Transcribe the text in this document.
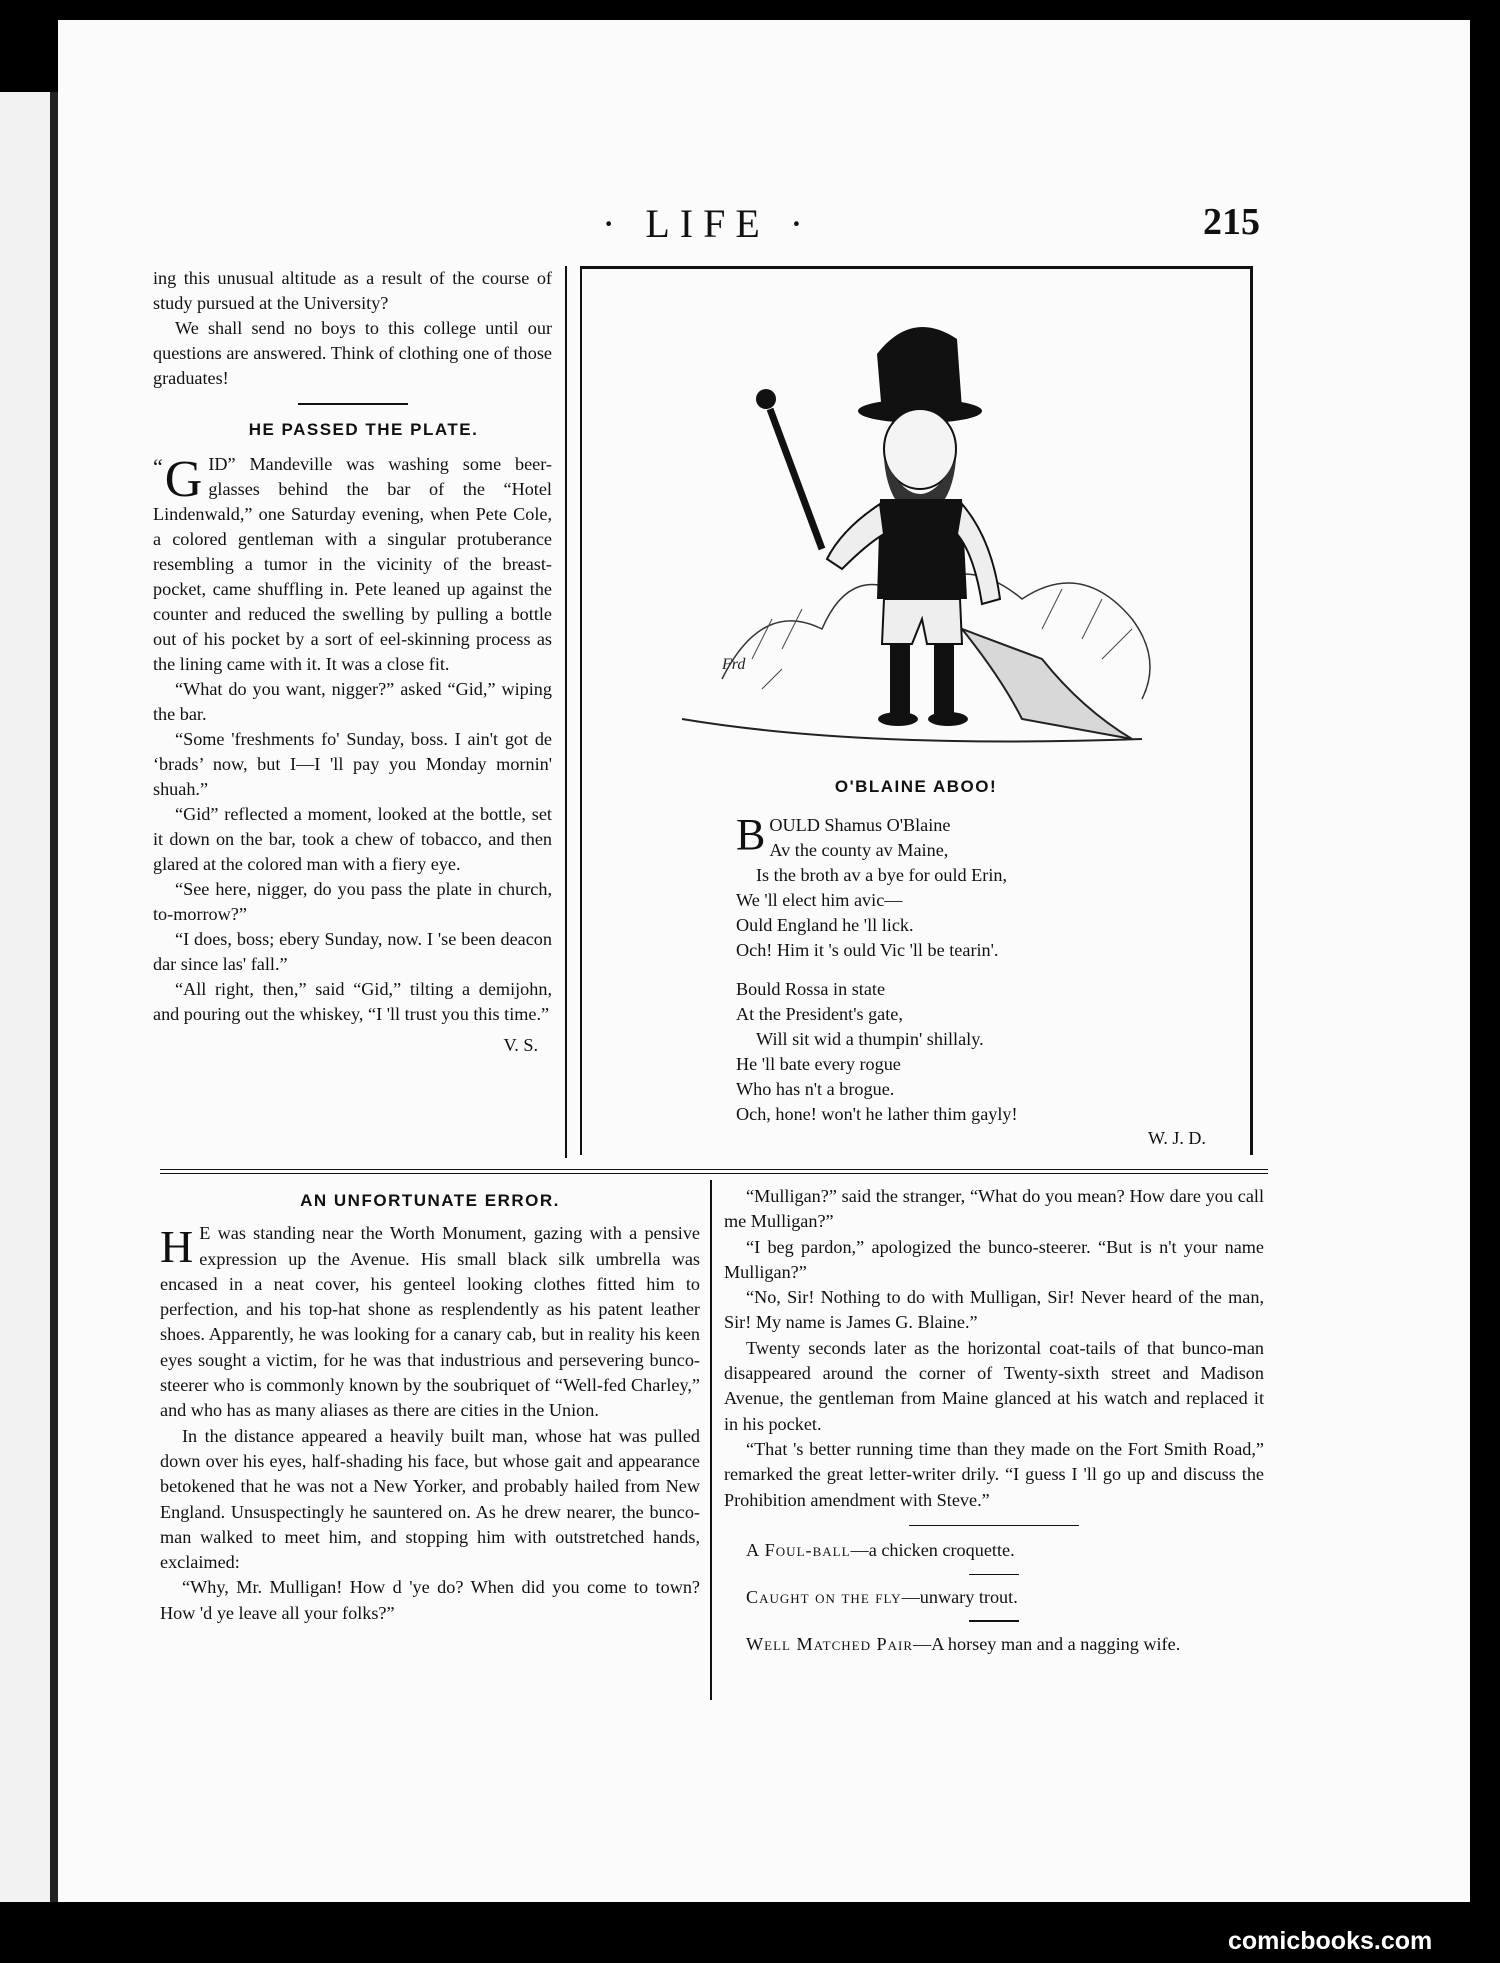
· LIFE ·	215

ing this unusual altitude as a result of the course of study pursued at the University?

We shall send no boys to this college until our questions are answered. Think of clothing one of those graduates!

HE PASSED THE PLATE.

“ G ID” Mandeville was washing some beer-glasses behind the bar of the “Hotel Lindenwald,” one Saturday evening, when Pete Cole, a colored gentleman with a singular protuberance resembling a tumor in the vicinity of the breast-pocket, came shuffling in. Pete leaned up against the counter and reduced the swelling by pulling a bottle out of his pocket by a sort of eel-skinning process as the lining came with it. It was a close fit.

“What do you want, nigger?” asked “Gid,” wiping the bar.

“Some 'freshments fo' Sunday, boss. I ain't got de ‘brads’ now, but I—I 'll pay you Monday mornin' shuah.”

“Gid” reflected a moment, looked at the bottle, set it down on the bar, took a chew of tobacco, and then glared at the colored man with a fiery eye.

“See here, nigger, do you pass the plate in church, to-morrow?”

“I does, boss; ebery Sunday, now. I 'se been deacon dar since las' fall.”

“All right, then,” said “Gid,” tilting a demijohn, and pouring out the whiskey, “I 'll trust you this time.”

V. S.
Frd

O'BLAINE ABOO!

BOULD Shamus O'Blaine
Av the county av Maine,
Is the broth av a bye for ould Erin,
We 'll elect him avic—
Ould England he 'll lick.
Och! Him it 's ould Vic 'll be tearin'.
Bould Rossa in state
At the President's gate,
Will sit wid a thumpin' shillaly.
He 'll bate every rogue
Who has n't a brogue.
Och, hone! won't he lather thim gayly!
W. J. D.

AN UNFORTUNATE ERROR.

H E was standing near the Worth Monument, gazing with a pensive expression up the Avenue. His small black silk umbrella was encased in a neat cover, his genteel looking clothes fitted him to perfection, and his top-hat shone as resplendently as his patent leather shoes. Apparently, he was looking for a canary cab, but in reality his keen eyes sought a victim, for he was that industrious and persevering bunco-steerer who is commonly known by the soubriquet of “Well-fed Charley,” and who has as many aliases as there are cities in the Union.

In the distance appeared a heavily built man, whose hat was pulled down over his eyes, half-shading his face, but whose gait and appearance betokened that he was not a New Yorker, and probably hailed from New England. Unsuspectingly he sauntered on. As he drew nearer, the bunco-man walked to meet him, and stopping him with outstretched hands, exclaimed:

“Why, Mr. Mulligan! How d 'ye do? When did you come to town? How 'd ye leave all your folks?”

“Mulligan?” said the stranger, “What do you mean? How dare you call me Mulligan?”

“I beg pardon,” apologized the bunco-steerer. “But is n't your name Mulligan?”

“No, Sir! Nothing to do with Mulligan, Sir! Never heard of the man, Sir! My name is James G. Blaine.”

Twenty seconds later as the horizontal coat-tails of that bunco-man disappeared around the corner of Twenty-sixth street and Madison Avenue, the gentleman from Maine glanced at his watch and replaced it in his pocket.

“That 's better running time than they made on the Fort Smith Road,” remarked the great letter-writer drily. “I guess I 'll go up and discuss the Prohibition amendment with Steve.”

A Foul-ball—a chicken croquette.

Caught on the fly—unwary trout.

Well Matched Pair—A horsey man and a nagging wife.

comicbooks.com
